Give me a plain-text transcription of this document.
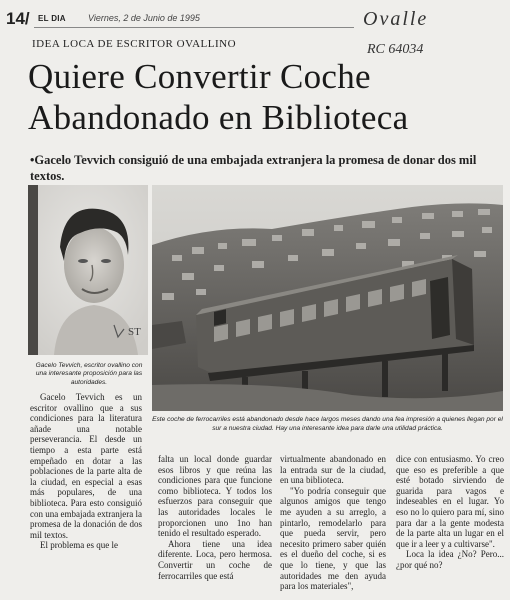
14/ EL DIA Viernes, 2 de Junio de 1995	Ovalle
RC 64034
IDEA LOCA DE ESCRITOR OVALLINO
Quiere Convertir Coche Abandonado en Biblioteca
•Gacelo Tevvich consiguió de una embajada extranjera la promesa de donar dos mil textos.
ST
Gacelo Tevvich, escritor ovallino con una interesante proposición para las autoridades.
Este coche de ferrocarriles está abandonado desde hace largos meses dando una fea impresión a quienes llegan por el sur a nuestra ciudad. Hay una interesante idea para darle una utilidad práctica.

Gacelo Tevvich es un escritor ovallino que a sus condiciones para la literatura añade una notable perseverancia. El desde un tiempo a esta parte está empeñado en dotar a las poblaciones de la parte alta de la ciudad, en especial a esas más populares, de una biblioteca. Para esto consiguió con una embajada extranjera la promesa de la donación de dos mil textos.

El problema es que le

falta un local donde guardar esos libros y que reúna las condiciones para que funcione como biblioteca. Y todos los esfuerzos para conseguir que las autoridades locales le proporcionen uno 1no han tenido el resultado esperado.

Ahora tiene una idea diferente. Loca, pero hermosa. Convertir un coche de ferrocarriles que está

virtualmente abandonado en la entrada sur de la ciudad, en una biblioteca.

"Yo podría conseguir que algunos amigos que tengo me ayuden a su arreglo, a pintarlo, remodelarlo para que pueda servir, pero necesito primero saber quién es el dueño del coche, si es que lo tiene, y que las autoridades me den ayuda para los materiales",

dice con entusiasmo. Yo creo que eso es preferible a que esté botado sirviendo de guarida para vagos e indeseables en el lugar. Yo eso no lo quiero para mí, sino para dar a la gente modesta de la parte alta un lugar en el que ir a leer y a cultivarse".

Loca la idea ¿No? Pero...¿por qué no?
